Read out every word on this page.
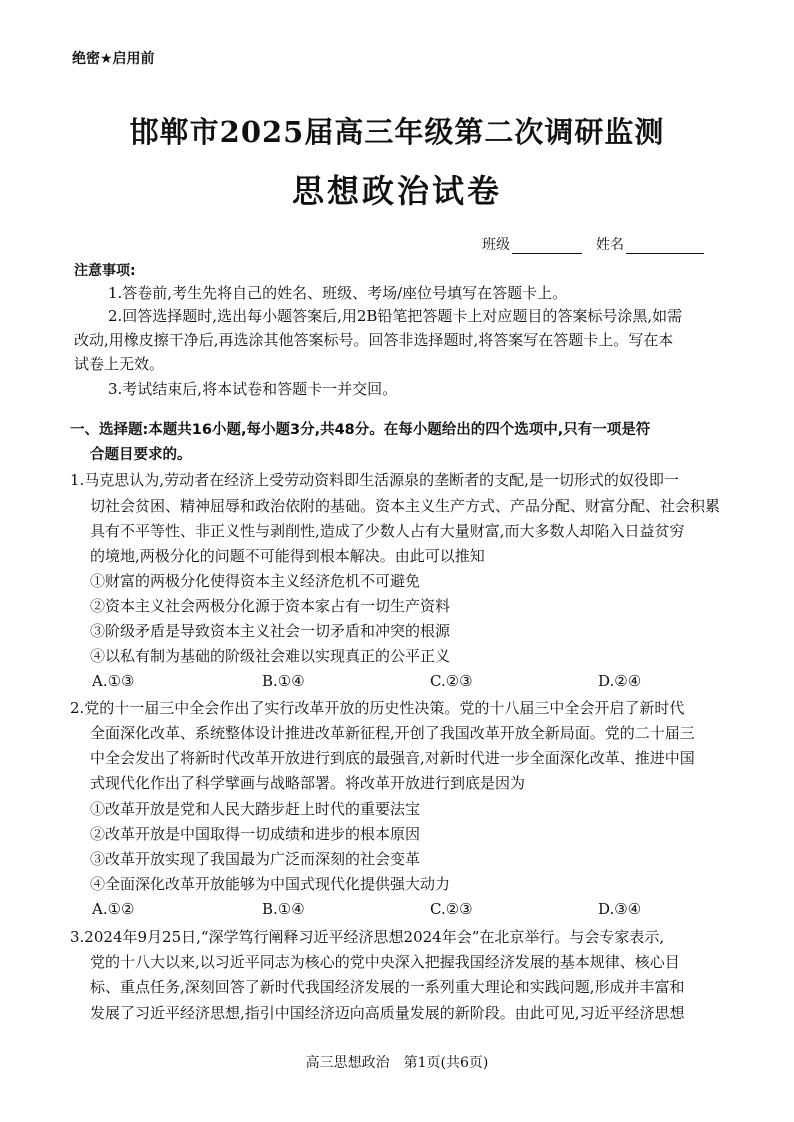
绝密★启用前
邯郸市2025届高三年级第二次调研监测
思想政治试卷
班级	姓名
注意事项:
1.答卷前,考生先将自己的姓名、班级、考场/座位号填写在答题卡上。
2.回答选择题时,选出每小题答案后,用2B铅笔把答题卡上对应题目的答案标号涂黑,如需
改动,用橡皮擦干净后,再选涂其他答案标号。回答非选择题时,将答案写在答题卡上。写在本
试卷上无效。
3.考试结束后,将本试卷和答题卡一并交回。
一、选择题:本题共16小题,每小题3分,共48分。在每小题给出的四个选项中,只有一项是符
合题目要求的。
1.马克思认为,劳动者在经济上受劳动资料即生活源泉的垄断者的支配,是一切形式的奴役即一
切社会贫困、精神屈辱和政治依附的基础。资本主义生产方式、产品分配、财富分配、社会积累
具有不平等性、非正义性与剥削性,造成了少数人占有大量财富,而大多数人却陷入日益贫穷
的境地,两极分化的问题不可能得到根本解决。由此可以推知
①财富的两极分化使得资本主义经济危机不可避免
②资本主义社会两极分化源于资本家占有一切生产资料
③阶级矛盾是导致资本主义社会一切矛盾和冲突的根源
④以私有制为基础的阶级社会难以实现真正的公平正义
A.①③	B.①④	C.②③	D.②④
2.党的十一届三中全会作出了实行改革开放的历史性决策。党的十八届三中全会开启了新时代
全面深化改革、系统整体设计推进改革新征程,开创了我国改革开放全新局面。党的二十届三
中全会发出了将新时代改革开放进行到底的最强音,对新时代进一步全面深化改革、推进中国
式现代化作出了科学擘画与战略部署。将改革开放进行到底是因为
①改革开放是党和人民大踏步赶上时代的重要法宝
②改革开放是中国取得一切成绩和进步的根本原因
③改革开放实现了我国最为广泛而深刻的社会变革
④全面深化改革开放能够为中国式现代化提供强大动力
A.①②	B.①④	C.②③	D.③④
3.2024年9月25日,“深学笃行阐释习近平经济思想2024年会”在北京举行。与会专家表示,
党的十八大以来,以习近平同志为核心的党中央深入把握我国经济发展的基本规律、核心目
标、重点任务,深刻回答了新时代我国经济发展的一系列重大理论和实践问题,形成并丰富和
发展了习近平经济思想,指引中国经济迈向高质量发展的新阶段。由此可见,习近平经济思想
高三思想政治　第1页(共6页)
